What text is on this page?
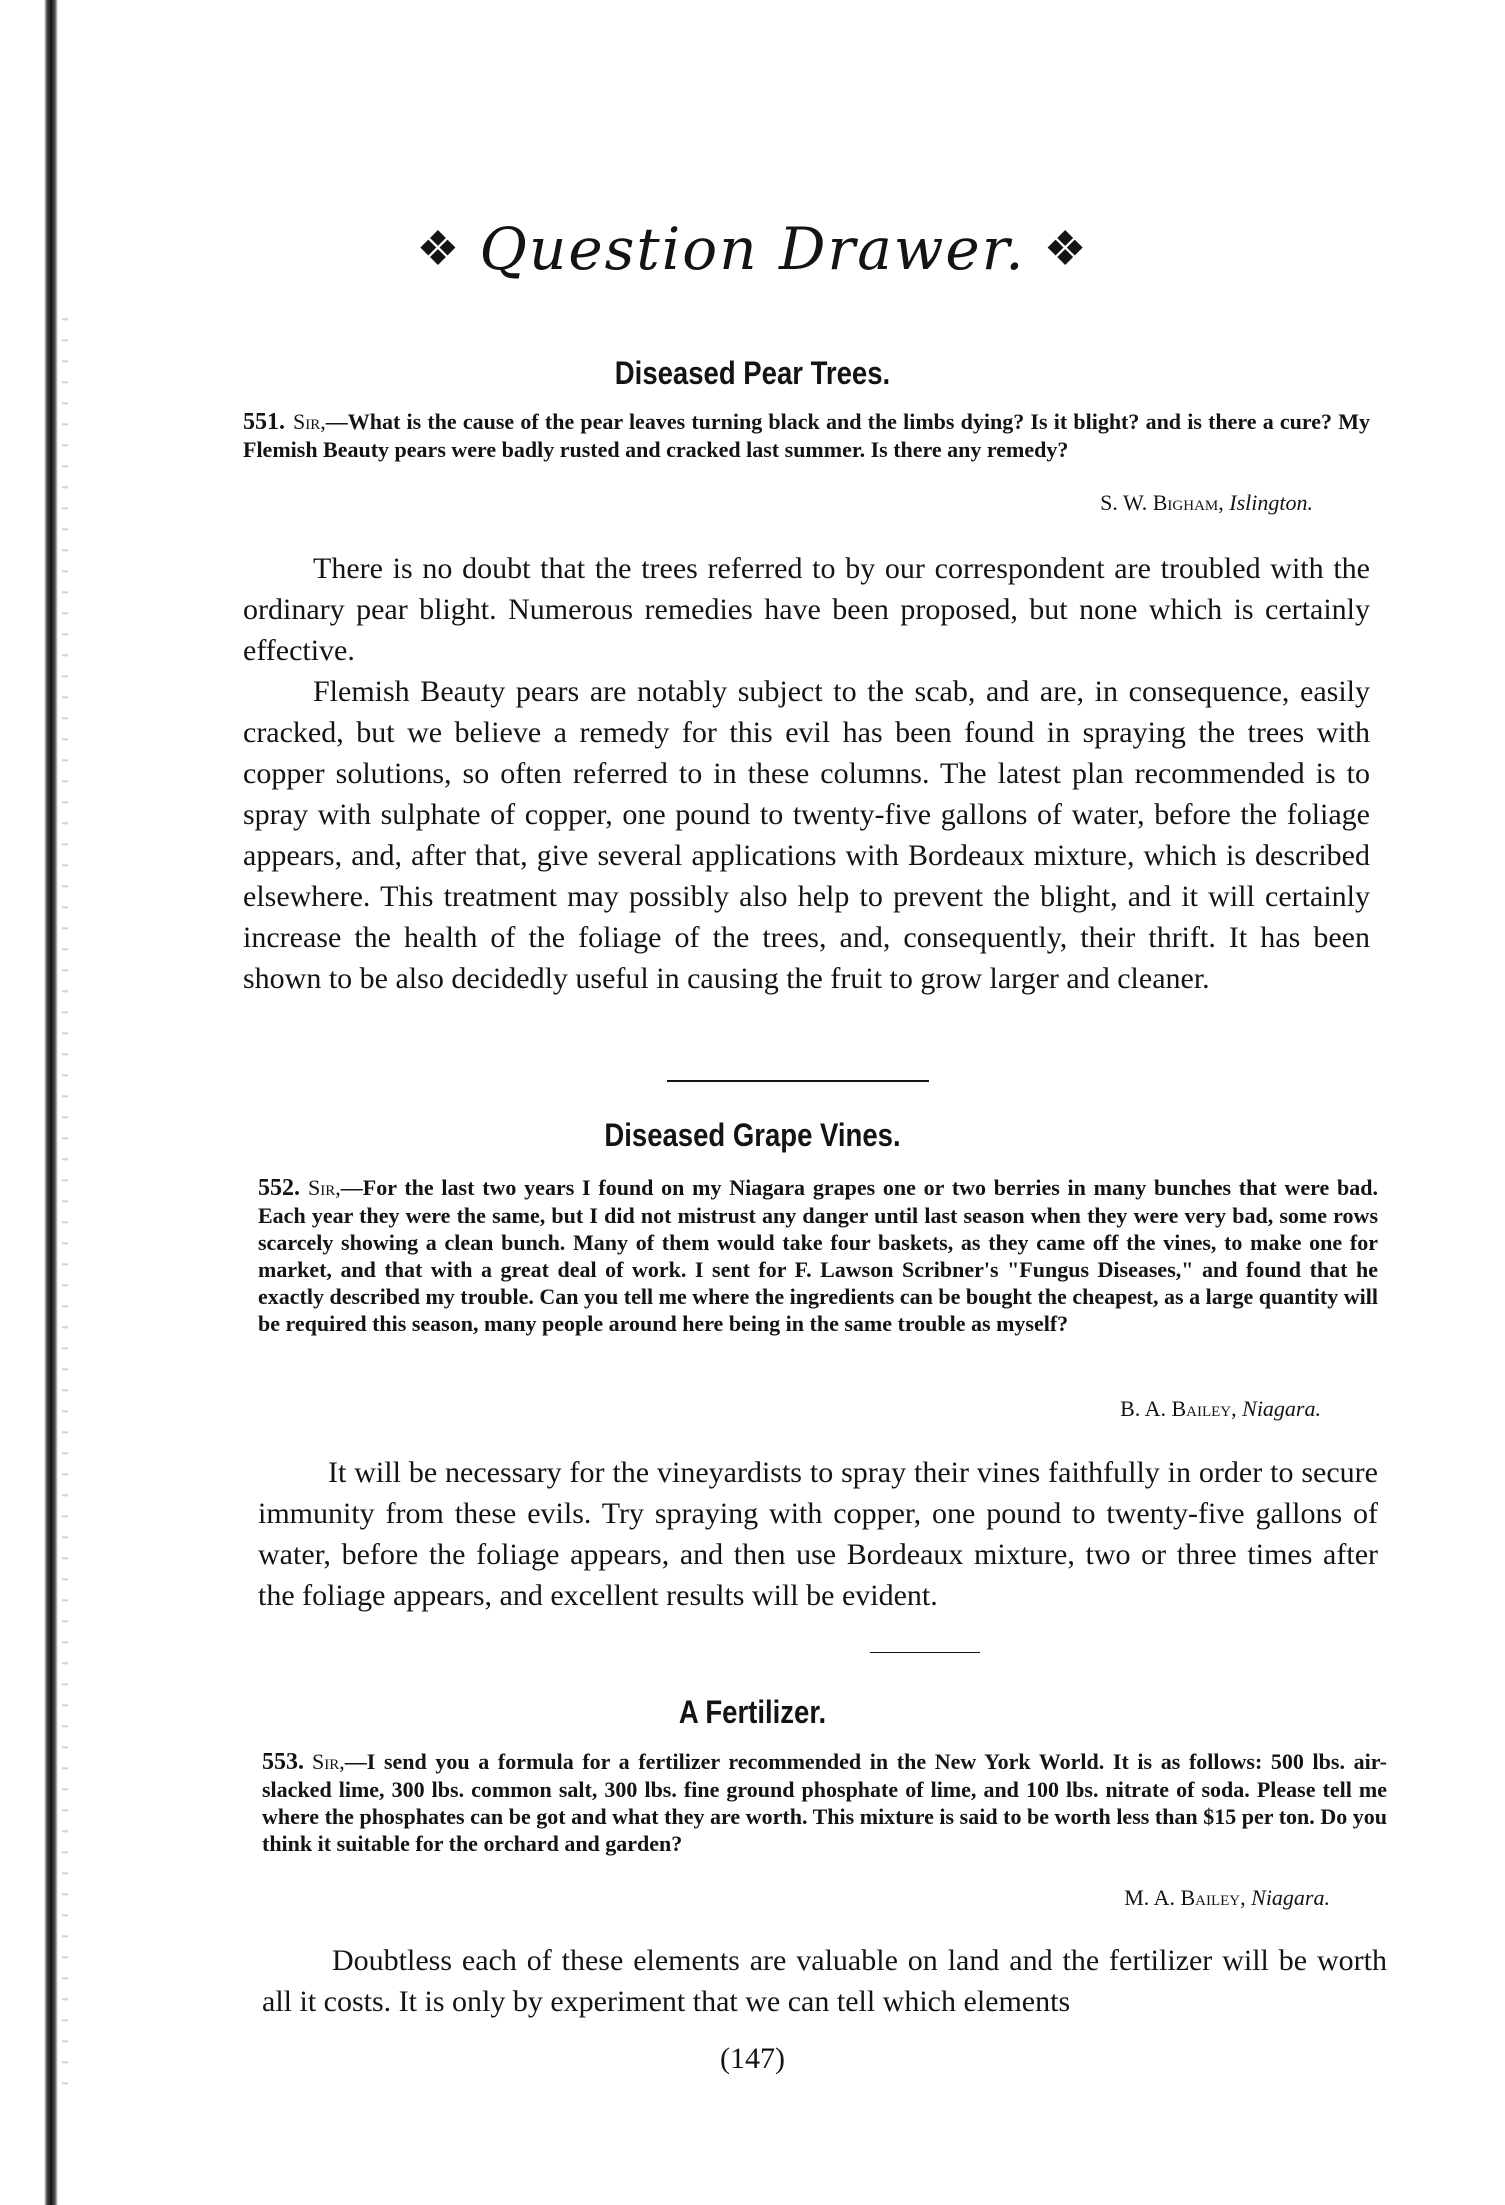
❖ Question Drawer. ❖
Diseased Pear Trees.
551. Sir,—What is the cause of the pear leaves turning black and the limbs dying? Is it blight? and is there a cure? My Flemish Beauty pears were badly rusted and cracked last summer. Is there any remedy?
S. W. Bigham, Islington.

There is no doubt that the trees referred to by our correspondent are troubled with the ordinary pear blight. Numerous remedies have been proposed, but none which is certainly effective.

Flemish Beauty pears are notably subject to the scab, and are, in consequence, easily cracked, but we believe a remedy for this evil has been found in spraying the trees with copper solutions, so often referred to in these columns. The latest plan recommended is to spray with sulphate of copper, one pound to twenty-five gallons of water, before the foliage appears, and, after that, give several applications with Bordeaux mixture, which is described elsewhere. This treatment may possibly also help to prevent the blight, and it will certainly increase the health of the foliage of the trees, and, consequently, their thrift. It has been shown to be also decidedly useful in causing the fruit to grow larger and cleaner.

Diseased Grape Vines.
552. Sir,—For the last two years I found on my Niagara grapes one or two berries in many bunches that were bad. Each year they were the same, but I did not mistrust any danger until last season when they were very bad, some rows scarcely showing a clean bunch. Many of them would take four baskets, as they came off the vines, to make one for market, and that with a great deal of work. I sent for F. Lawson Scribner's "Fungus Diseases," and found that he exactly described my trouble. Can you tell me where the ingredients can be bought the cheapest, as a large quantity will be required this season, many people around here being in the same trouble as myself?
B. A. Bailey, Niagara.

It will be necessary for the vineyardists to spray their vines faithfully in order to secure immunity from these evils. Try spraying with copper, one pound to twenty-five gallons of water, before the foliage appears, and then use Bordeaux mixture, two or three times after the foliage appears, and excellent results will be evident.

A Fertilizer.
553. Sir,—I send you a formula for a fertilizer recommended in the New York World. It is as follows: 500 lbs. air-slacked lime, 300 lbs. common salt, 300 lbs. fine ground phosphate of lime, and 100 lbs. nitrate of soda. Please tell me where the phosphates can be got and what they are worth. This mixture is said to be worth less than $15 per ton. Do you think it suitable for the orchard and garden?
M. A. Bailey, Niagara.

Doubtless each of these elements are valuable on land and the fertilizer will be worth all it costs. It is only by experiment that we can tell which elements

(147)
